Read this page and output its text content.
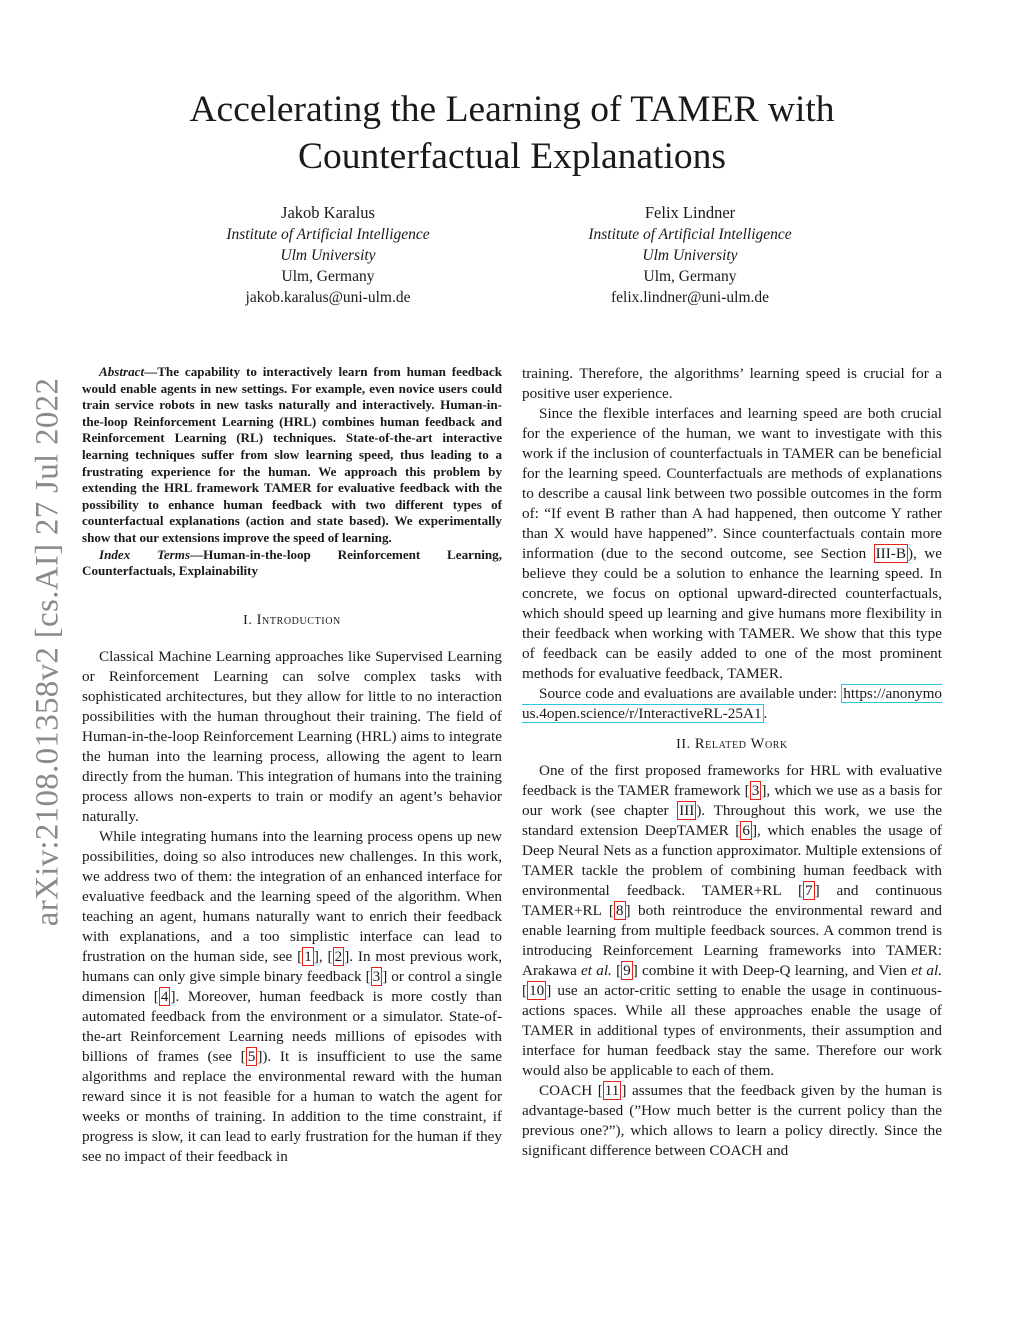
arXiv:2108.01358v2 [cs.AI] 27 Jul 2022
Accelerating the Learning of TAMER with
Counterfactual Explanations
Jakob Karalus
Institute of Artificial Intelligence
Ulm University
Ulm, Germany
jakob.karalus@uni-ulm.de
Felix Lindner
Institute of Artificial Intelligence
Ulm University
Ulm, Germany
felix.lindner@uni-ulm.de

Abstract—The capability to interactively learn from human feedback would enable agents in new settings. For example, even novice users could train service robots in new tasks naturally and interactively. Human-in-the-loop Reinforcement Learning (HRL) combines human feedback and Reinforcement Learning (RL) techniques. State-of-the-art interactive learning techniques suffer from slow learning speed, thus leading to a frustrating experience for the human. We approach this problem by extending the HRL framework TAMER for evaluative feedback with the possibility to enhance human feedback with two different types of counterfactual explanations (action and state based). We experimentally show that our extensions improve the speed of learning.

Index Terms—Human-in-the-loop Reinforcement Learning, Counterfactuals, Explainability

I. Introduction

Classical Machine Learning approaches like Supervised Learning or Reinforcement Learning can solve complex tasks with sophisticated architectures, but they allow for little to no interaction possibilities with the human throughout their training. The field of Human-in-the-loop Reinforcement Learning (HRL) aims to integrate the human into the learning process, allowing the agent to learn directly from the human. This integration of humans into the training process allows non-experts to train or modify an agent’s behavior naturally.

While integrating humans into the learning process opens up new possibilities, doing so also introduces new challenges. In this work, we address two of them: the integration of an enhanced interface for evaluative feedback and the learning speed of the algorithm. When teaching an agent, humans naturally want to enrich their feedback with explanations, and a too simplistic interface can lead to frustration on the human side, see [ 1 ], [ 2 ]. In most previous work, humans can only give simple binary feedback [ 3 ] or control a single dimension [ 4 ]. Moreover, human feedback is more costly than automated feedback from the environment or a simulator. State-of-the-art Reinforcement Learning needs millions of episodes with billions of frames (see [ 5 ]). It is insufficient to use the same algorithms and replace the environmental reward with the human reward since it is not feasible for a human to watch the agent for weeks or months of training. In addition to the time constraint, if progress is slow, it can lead to early frustration for the human if they see no impact of their feedback in

training. Therefore, the algorithms’ learning speed is crucial for a positive user experience.

Since the flexible interfaces and learning speed are both crucial for the experience of the human, we want to investigate with this work if the inclusion of counterfactuals in TAMER can be beneficial for the learning speed. Counterfactuals are methods of explanations to describe a causal link between two possible outcomes in the form of: “If event B rather than A had happened, then outcome Y rather than X would have happened”. Since counterfactuals contain more information (due to the second outcome, see Section III-B ), we believe they could be a solution to enhance the learning speed. In concrete, we focus on optional upward-directed counterfactuals, which should speed up learning and give humans more flexibility in their feedback when working with TAMER. We show that this type of feedback can be easily added to one of the most prominent methods for evaluative feedback, TAMER.

Source code and evaluations are available under: https://anonymous.4open.science/r/InteractiveRL-25A1 .

II. Related Work

One of the first proposed frameworks for HRL with evaluative feedback is the TAMER framework [ 3 ], which we use as a basis for our work (see chapter III ). Throughout this work, we use the standard extension DeepTAMER [ 6 ], which enables the usage of Deep Neural Nets as a function approximator. Multiple extensions of TAMER tackle the problem of combining human feedback with environmental feedback. TAMER+RL [ 7 ] and continuous TAMER+RL [ 8 ] both reintroduce the environmental reward and enable learning from multiple feedback sources. A common trend is introducing Reinforcement Learning frameworks into TAMER: Arakawa et al. [ 9 ] combine it with Deep-Q learning, and Vien et al. [ 10 ] use an actor-critic setting to enable the usage in continuous-actions spaces. While all these approaches enable the usage of TAMER in additional types of environments, their assumption and interface for human feedback stay the same. Therefore our work would also be applicable to each of them.

COACH [ 11 ] assumes that the feedback given by the human is advantage-based (”How much better is the current policy than the previous one?”), which allows to learn a policy directly. Since the significant difference between COACH and
